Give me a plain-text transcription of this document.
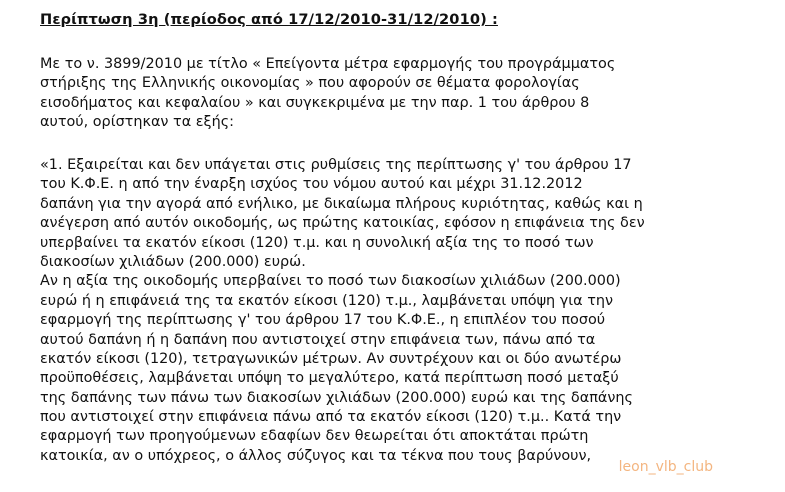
Περίπτωση 3η (περίοδος από 17/12/2010-31/12/2010) :
Με το ν. 3899/2010 με τίτλο « Επείγοντα μέτρα εφαρμογής του προγράμματος
στήριξης της Ελληνικής οικονομίας » που αφορούν σε θέματα φορολογίας
εισοδήματος και κεφαλαίου » και συγκεκριμένα με την παρ. 1 του άρθρου 8
αυτού, ορίστηκαν τα εξής:
«1. Εξαιρείται και δεν υπάγεται στις ρυθμίσεις της περίπτωσης γ' του άρθρου 17
του Κ.Φ.Ε. η από την έναρξη ισχύος του νόμου αυτού και μέχρι 31.12.2012
δαπάνη για την αγορά από ενήλικο, με δικαίωμα πλήρους κυριότητας, καθώς και η
ανέγερση από αυτόν οικοδομής, ως πρώτης κατοικίας, εφόσον η επιφάνεια της δεν
υπερβαίνει τα εκατόν είκοσι (120) τ.μ. και η συνολική αξία της το ποσό των
διακοσίων χιλιάδων (200.000) ευρώ.
Αν η αξία της οικοδομής υπερβαίνει το ποσό των διακοσίων χιλιάδων (200.000)
ευρώ ή η επιφάνειά της τα εκατόν είκοσι (120) τ.μ., λαμβάνεται υπόψη για την
εφαρμογή της περίπτωσης γ' του άρθρου 17 του Κ.Φ.Ε., η επιπλέον του ποσού
αυτού δαπάνη ή η δαπάνη που αντιστοιχεί στην επιφάνεια των, πάνω από τα
εκατόν είκοσι (120), τετραγωνικών μέτρων. Αν συντρέχουν και οι δύο ανωτέρω
προϋποθέσεις, λαμβάνεται υπόψη το μεγαλύτερο, κατά περίπτωση ποσό μεταξύ
της δαπάνης των πάνω των διακοσίων χιλιάδων (200.000) ευρώ και της δαπάνης
που αντιστοιχεί στην επιφάνεια πάνω από τα εκατόν είκοσι (120) τ.μ.. Κατά την
εφαρμογή των προηγούμενων εδαφίων δεν θεωρείται ότι αποκτάται πρώτη
κατοικία, αν ο υπόχρεος, ο άλλος σύζυγος και τα τέκνα που τους βαρύνουν,
leon_vlb_club
